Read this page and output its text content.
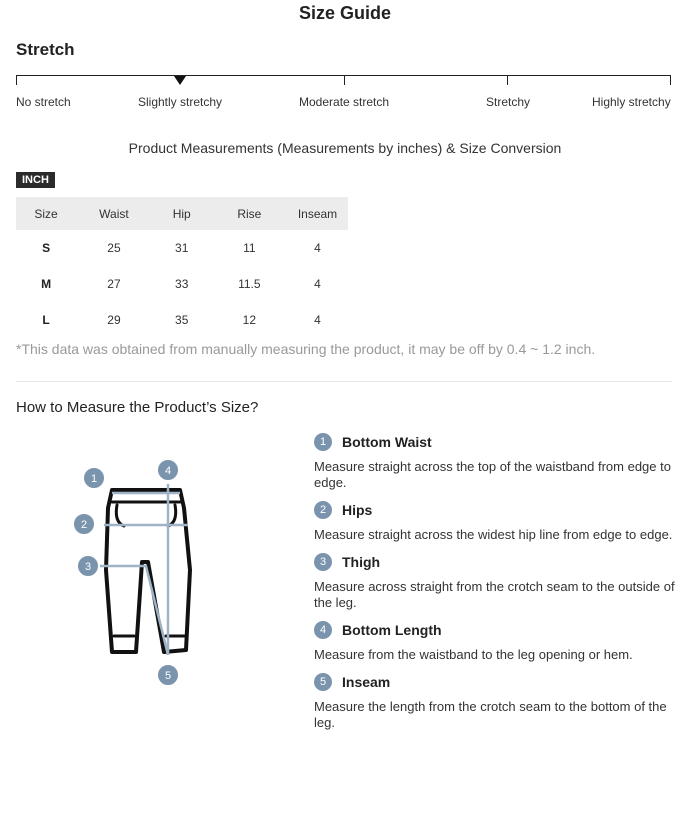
Size Guide
Stretch
No stretch	Slightly stretchy	Moderate stretch	Stretchy	Highly stretchy
Product Measurements (Measurements by inches) & Size Conversion
INCH
Size	Waist	Hip	Rise	Inseam
S	25	31	11	4
M	27	33	11.5	4
L	29	35	12	4
*This data was obtained from manually measuring the product, it may be off by 0.4 ~ 1.2 inch.
How to Measure the Product’s Size?
1
4
2
3
5
1	Bottom Waist
Measure straight across the top of the waistband from edge to edge.
2	Hips
Measure straight across the widest hip line from edge to edge.
3	Thigh
Measure across straight from the crotch seam to the outside of the leg.
4	Bottom Length
Measure from the waistband to the leg opening or hem.
5	Inseam
Measure the length from the crotch seam to the bottom of the leg.
